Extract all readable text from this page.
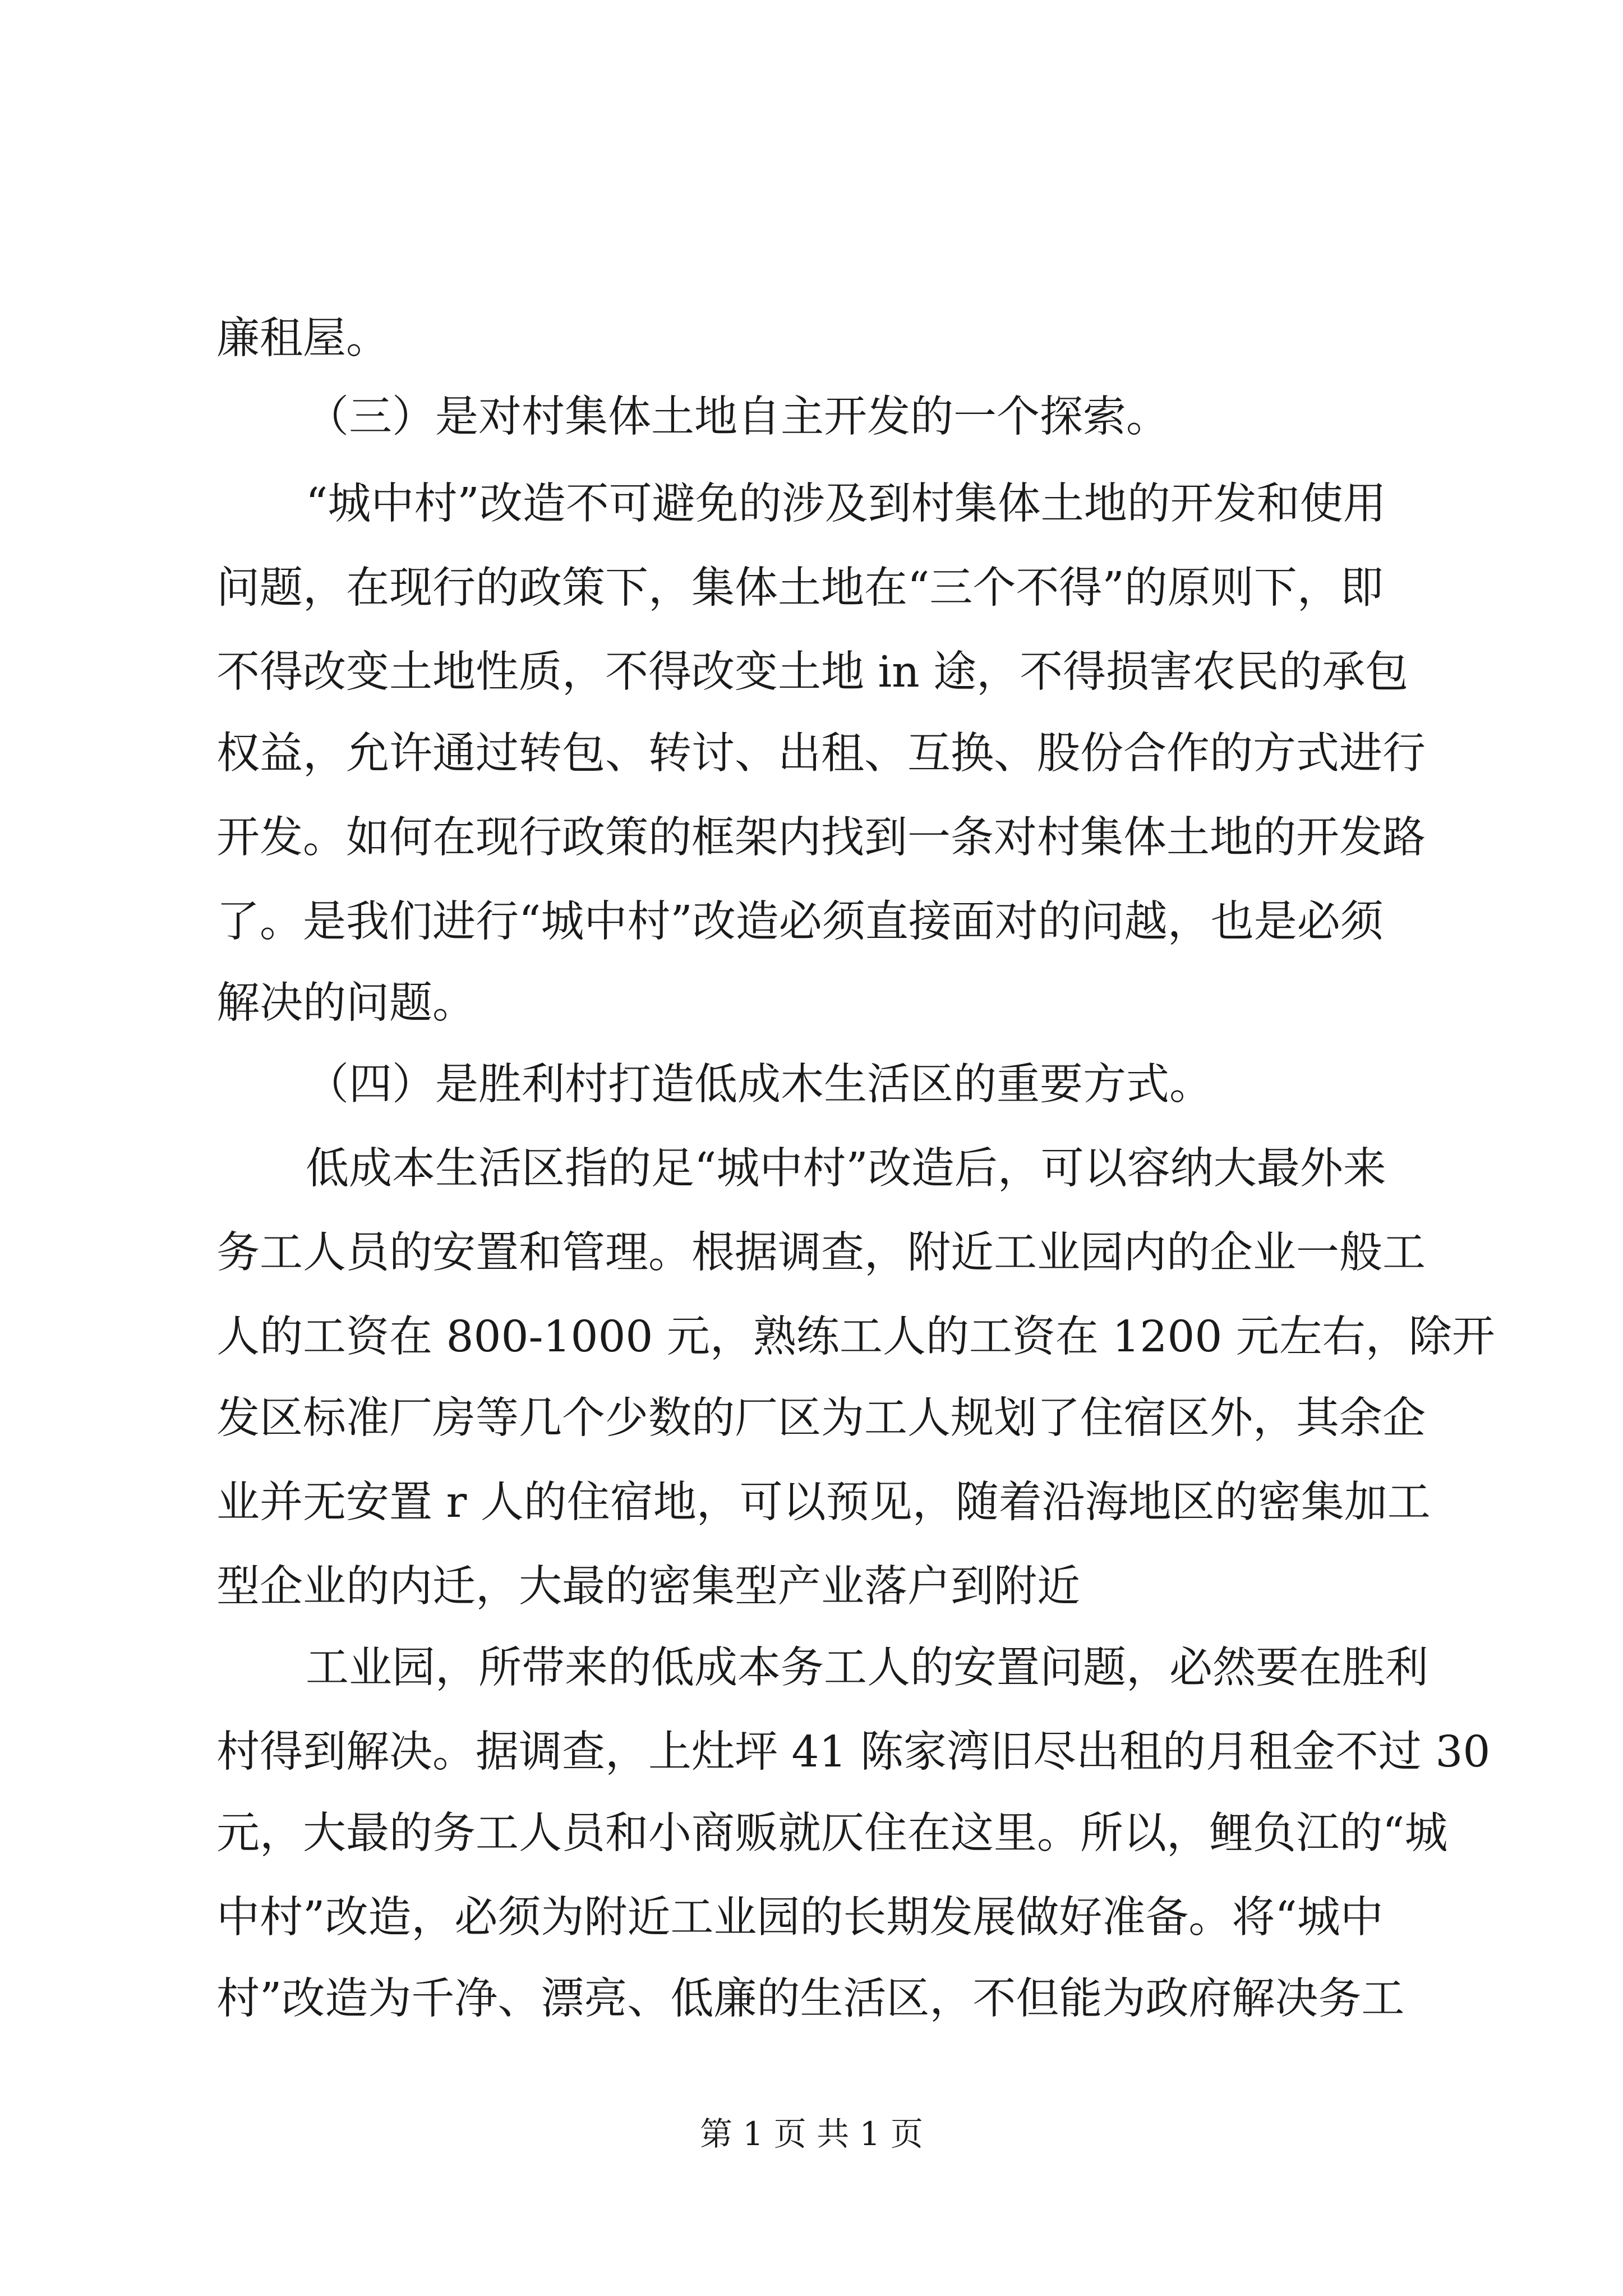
廉租屋。

（三）是对村集体土地自主开发的一个探索。

“城中村”改造不可避免的涉及到村集体土地的开发和使用

问题，在现行的政策下，集体土地在“三个不得”的原则下，即

不得改变土地性质，不得改变土地 in 途，不得损害农民的承包

权益，允许通过转包、转讨、出租、互换、股份合作的方式进行

开发。如何在现行政策的框架内找到一条对村集体土地的开发路

了。是我们进行“城中村”改造必须直接面对的问越，也是必须

解决的问题。

（四）是胜利村打造低成木生活区的重要方式。

低成本生活区指的足“城中村”改造后，可以容纳大最外来

务工人员的安置和管理。根据调查，附近工业园内的企业一般工

人的工资在 800-1000 元，熟练工人的工资在 1200 元左右，除开

发区标准厂房等几个少数的厂区为工人规划了住宿区外，其余企

业并无安置 r 人的住宿地，可以预见，随着沿海地区的密集加工

型企业的内迁，大最的密集型产业落户到附近

工业园，所带来的低成本务工人的安置问题，必然要在胜利

村得到解决。据调查，上灶坪 41 陈家湾旧尽出租的月租金不过 30

元，大最的务工人员和小商贩就仄住在这里。所以，鲤负江的“城

中村”改造，必须为附近工业园的长期发展做好准备。将“城中

村”改造为千净、漂亮、低廉的生活区，不但能为政府解决务工

第 1 页 共 1 页
